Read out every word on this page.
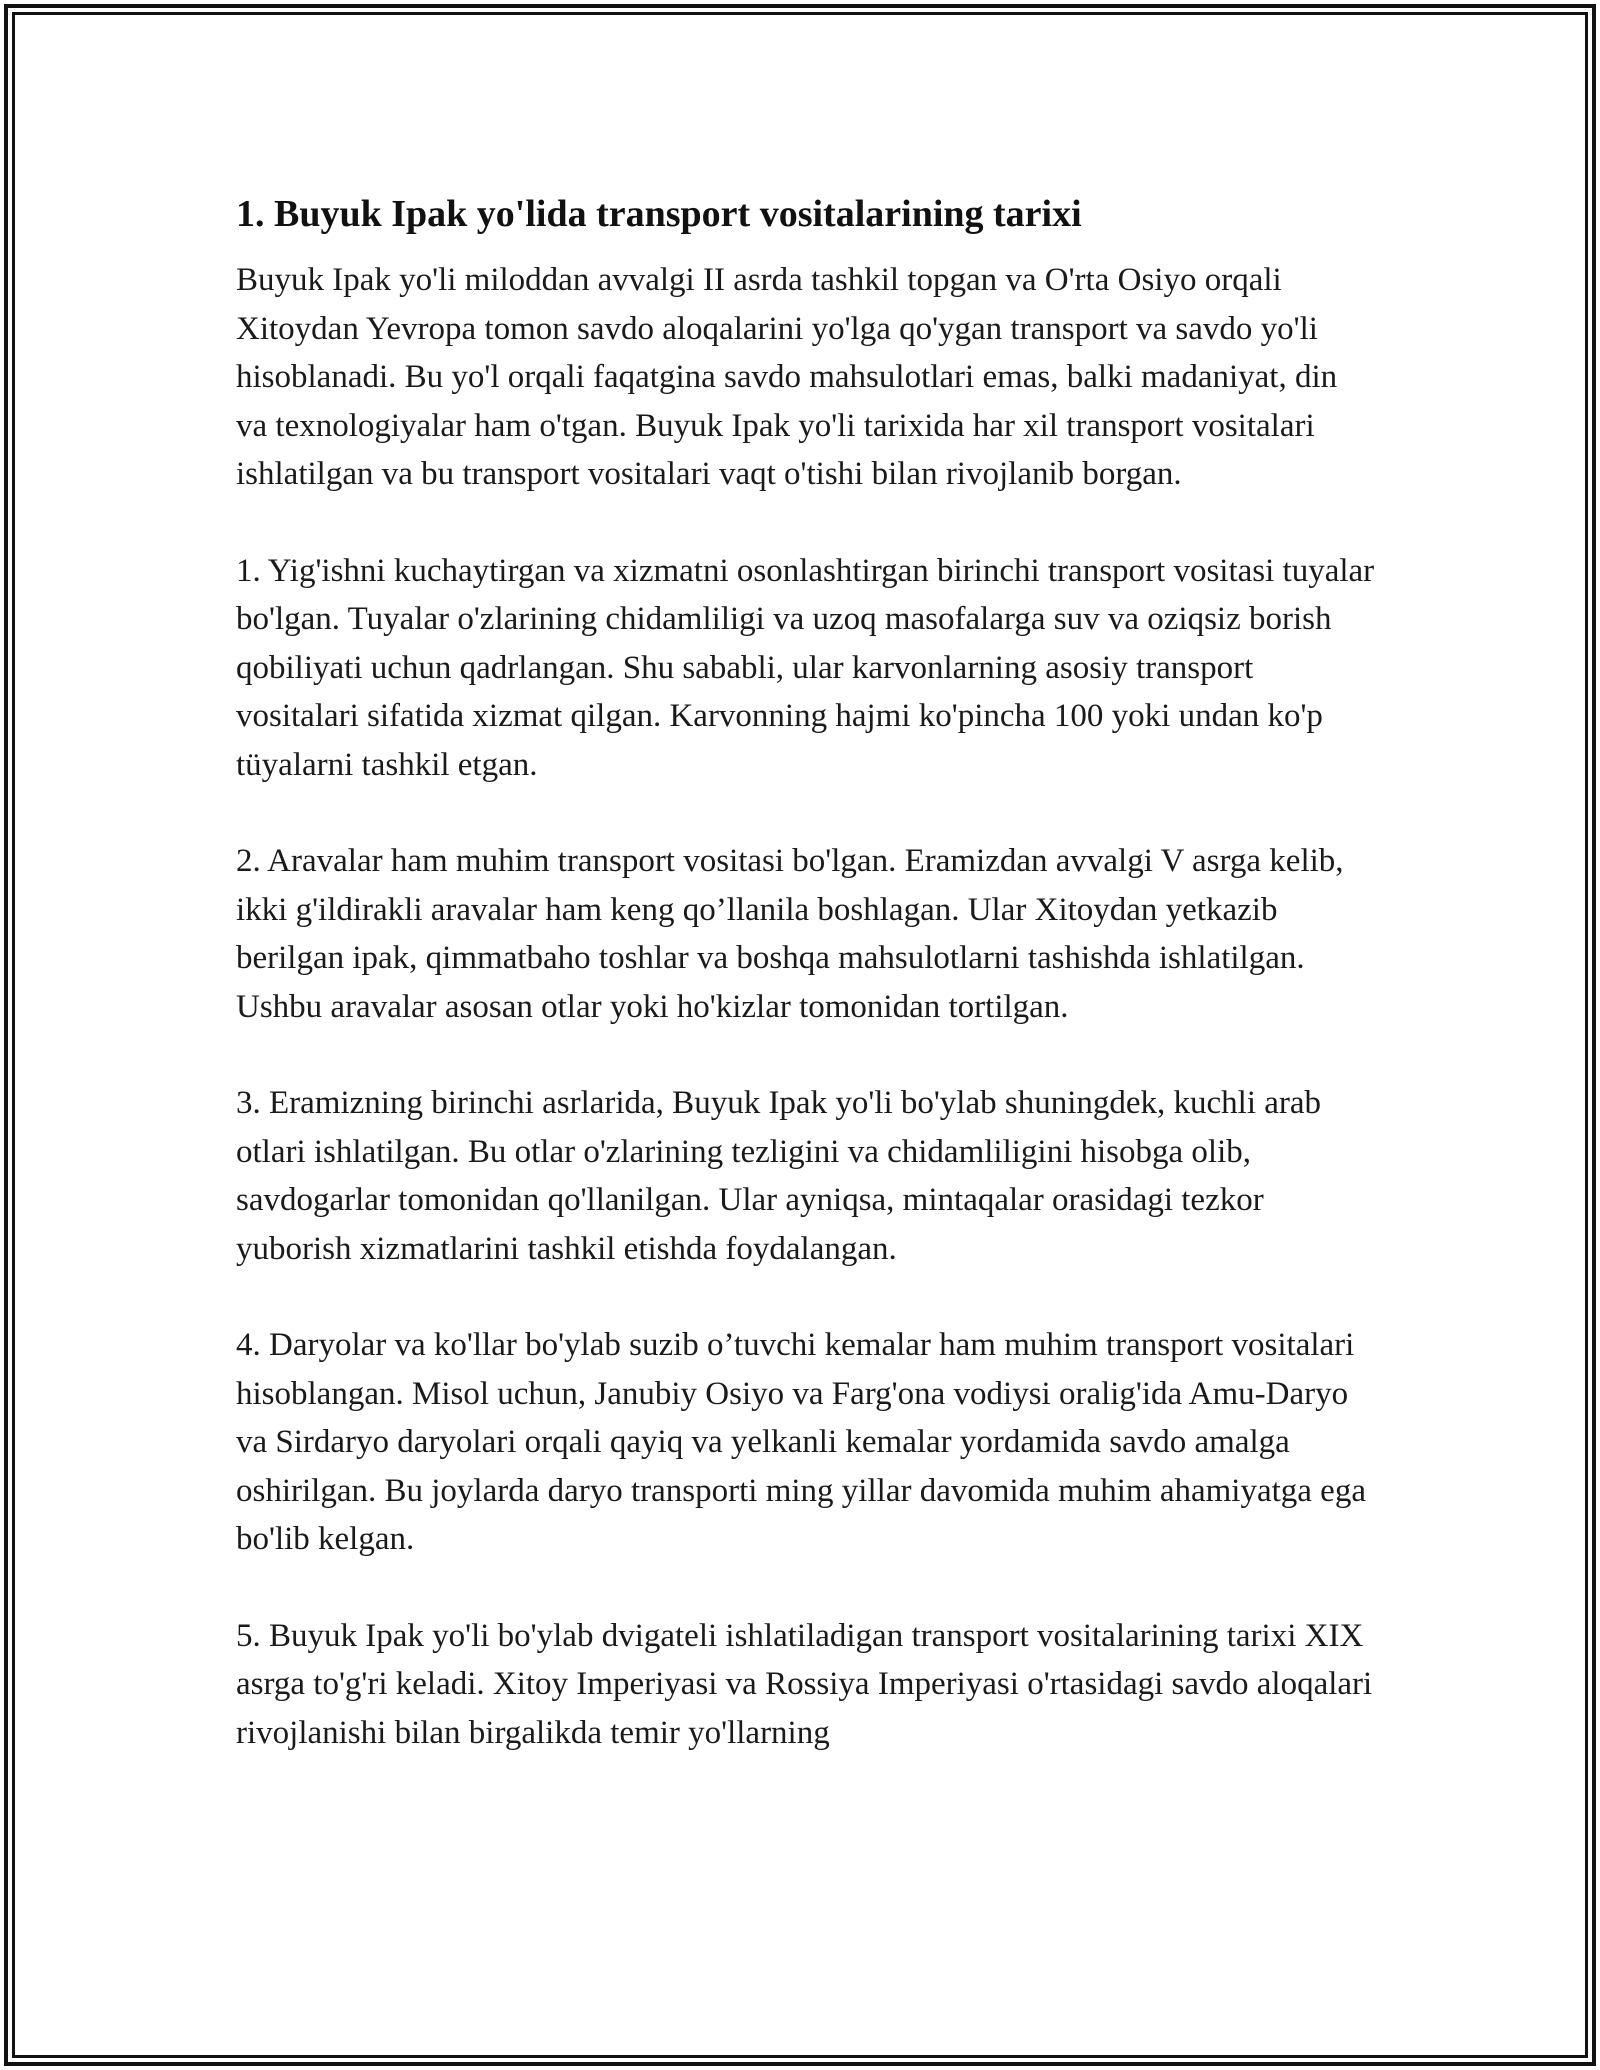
1. Buyuk Ipak yo'lida transport vositalarining tarixi

Buyuk Ipak yo'li miloddan avvalgi II asrda tashkil topgan va O'rta Osiyo orqali Xitoydan Yevropa tomon savdo aloqalarini yo'lga qo'ygan transport va savdo yo'li hisoblanadi. Bu yo'l orqali faqatgina savdo mahsulotlari emas, balki madaniyat, din va texnologiyalar ham o'tgan. Buyuk Ipak yo'li tarixida har xil transport vositalari ishlatilgan va bu transport vositalari vaqt o'tishi bilan rivojlanib borgan.

1. Yig'ishni kuchaytirgan va xizmatni osonlashtirgan birinchi transport vositasi tuyalar bo'lgan. Tuyalar o'zlarining chidamliligi va uzoq masofalarga suv va oziqsiz borish qobiliyati uchun qadrlangan. Shu sababli, ular karvonlarning asosiy transport vositalari sifatida xizmat qilgan. Karvonning hajmi ko'pincha 100 yoki undan ko'p tüyalarni tashkil etgan.

2. Aravalar ham muhim transport vositasi bo'lgan. Eramizdan avvalgi V asrga kelib, ikki g'ildirakli aravalar ham keng qo’llanila boshlagan. Ular Xitoydan yetkazib berilgan ipak, qimmatbaho toshlar va boshqa mahsulotlarni tashishda ishlatilgan. Ushbu aravalar asosan otlar yoki ho'kizlar tomonidan tortilgan.

3. Eramizning birinchi asrlarida, Buyuk Ipak yo'li bo'ylab shuningdek, kuchli arab otlari ishlatilgan. Bu otlar o'zlarining tezligini va chidamliligini hisobga olib, savdogarlar tomonidan qo'llanilgan. Ular ayniqsa, mintaqalar orasidagi tezkor yuborish xizmatlarini tashkil etishda foydalangan.

4. Daryolar va ko'llar bo'ylab suzib o’tuvchi kemalar ham muhim transport vositalari hisoblangan. Misol uchun, Janubiy Osiyo va Farg'ona vodiysi oralig'ida Amu-Daryo va Sirdaryo daryolari orqali qayiq va yelkanli kemalar yordamida savdo amalga oshirilgan. Bu joylarda daryo transporti ming yillar davomida muhim ahamiyatga ega bo'lib kelgan.

5. Buyuk Ipak yo'li bo'ylab dvigateli ishlatiladigan transport vositalarining tarixi XIX asrga to'g'ri keladi. Xitoy Imperiyasi va Rossiya Imperiyasi o'rtasidagi savdo aloqalari rivojlanishi bilan birgalikda temir yo'llarning
